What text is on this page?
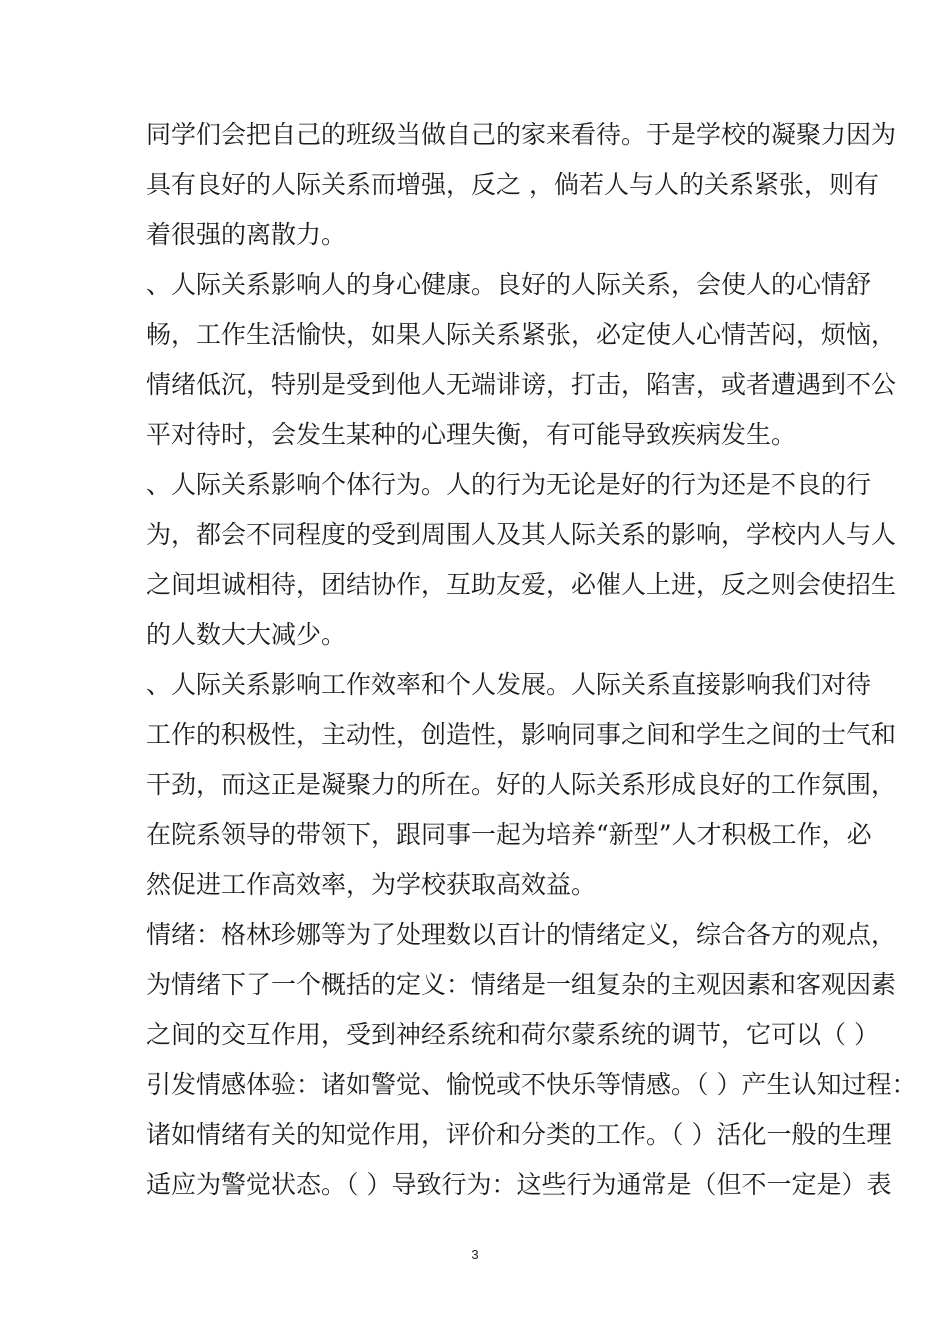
同学们会把自己的班级当做自己的家来看待。于是学校的凝聚力因为
具有良好的人际关系而增强，反之 ，倘若人与人的关系紧张，则有
着很强的离散力。
、人际关系影响人的身心健康。良好的人际关系，会使人的心情舒
畅，工作生活愉快，如果人际关系紧张，必定使人心情苦闷，烦恼，
情绪低沉，特别是受到他人无端诽谤，打击，陷害，或者遭遇到不公
平对待时，会发生某种的心理失衡，有可能导致疾病发生。
、人际关系影响个体行为。人的行为无论是好的行为还是不良的行
为，都会不同程度的受到周围人及其人际关系的影响，学校内人与人
之间坦诚相待，团结协作，互助友爱，必催人上进，反之则会使招生
的人数大大减少。
、人际关系影响工作效率和个人发展。人际关系直接影响我们对待
工作的积极性，主动性，创造性，影响同事之间和学生之间的士气和
干劲，而这正是凝聚力的所在。好的人际关系形成良好的工作氛围，
在院系领导的带领下，跟同事一起为培养“新型”人才积极工作，必
然促进工作高效率，为学校获取高效益。
情绪：格林珍娜等为了处理数以百计的情绪定义，综合各方的观点，
为情绪下了一个概括的定义：情绪是一组复杂的主观因素和客观因素
之间的交互作用，受到神经系统和荷尔蒙系统的调节，它可以（ ）
引发情感体验：诸如警觉、愉悦或不快乐等情感。（ ）产生认知过程：
诸如情绪有关的知觉作用，评价和分类的工作。（ ）活化一般的生理
适应为警觉状态。（ ）导致行为：这些行为通常是（但不一定是）表
3
